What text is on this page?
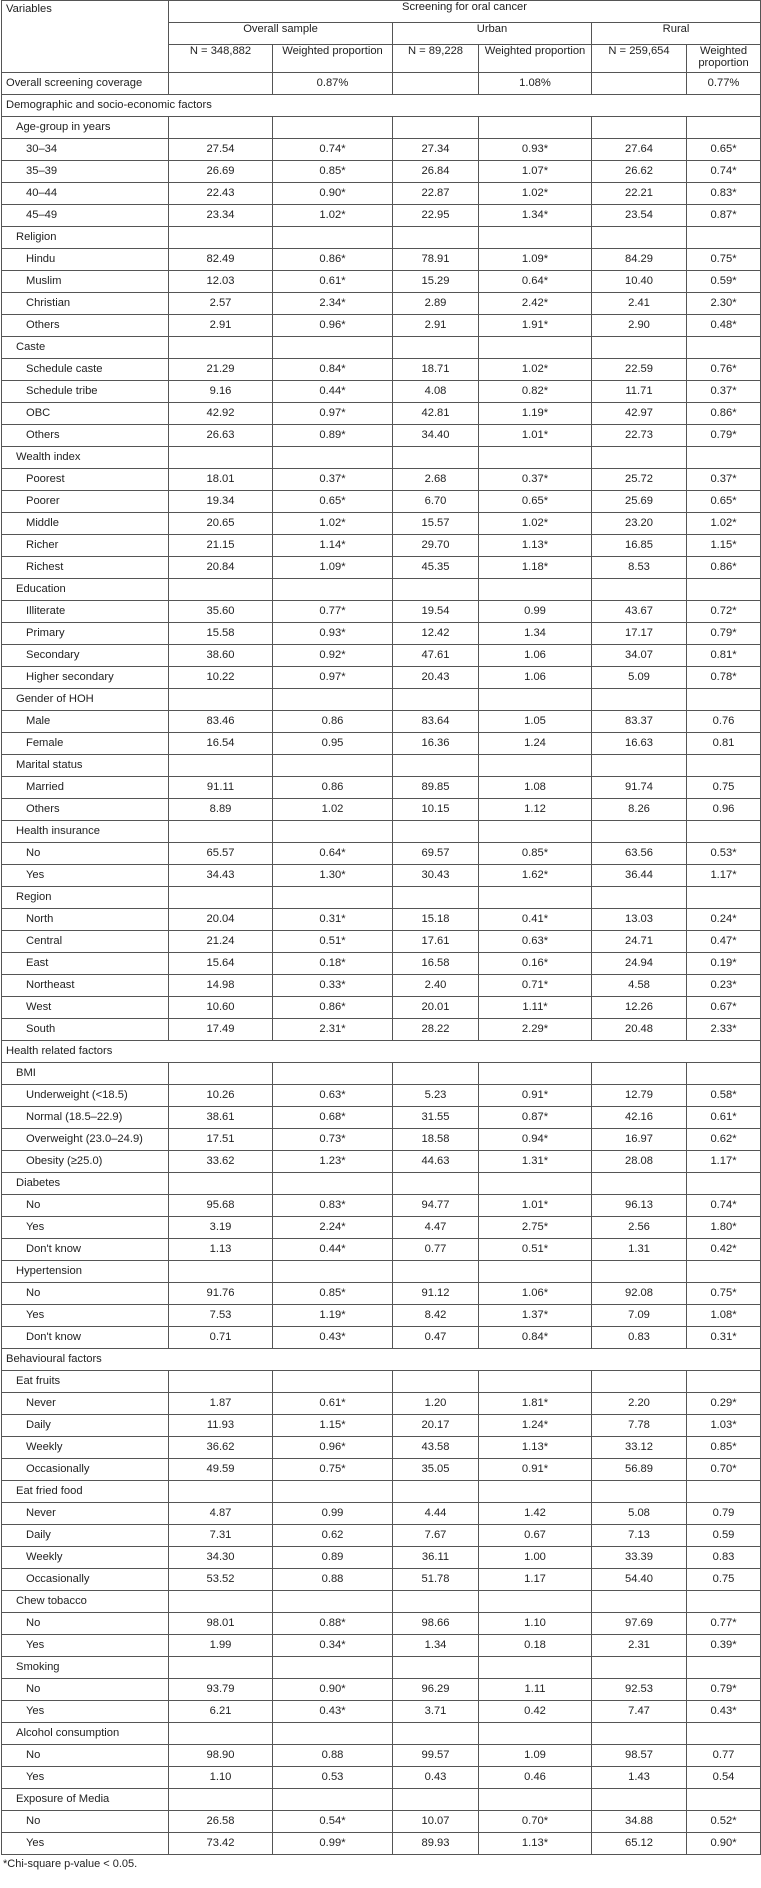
Variables	Screening for oral cancer					
	Overall sample		Urban		Rural	
	N = 348,882	Weighted proportion	N = 89,228	Weighted proportion	N = 259,654	Weighted proportion
Overall screening coverage		0.87%		1.08%		0.77%
Demographic and socio-economic factors						
Age-group in years						
30–34	27.54	0.74*	27.34	0.93*	27.64	0.65*
35–39	26.69	0.85*	26.84	1.07*	26.62	0.74*
40–44	22.43	0.90*	22.87	1.02*	22.21	0.83*
45–49	23.34	1.02*	22.95	1.34*	23.54	0.87*
Religion						
Hindu	82.49	0.86*	78.91	1.09*	84.29	0.75*
Muslim	12.03	0.61*	15.29	0.64*	10.40	0.59*
Christian	2.57	2.34*	2.89	2.42*	2.41	2.30*
Others	2.91	0.96*	2.91	1.91*	2.90	0.48*
Caste						
Schedule caste	21.29	0.84*	18.71	1.02*	22.59	0.76*
Schedule tribe	9.16	0.44*	4.08	0.82*	11.71	0.37*
OBC	42.92	0.97*	42.81	1.19*	42.97	0.86*
Others	26.63	0.89*	34.40	1.01*	22.73	0.79*
Wealth index						
Poorest	18.01	0.37*	2.68	0.37*	25.72	0.37*
Poorer	19.34	0.65*	6.70	0.65*	25.69	0.65*
Middle	20.65	1.02*	15.57	1.02*	23.20	1.02*
Richer	21.15	1.14*	29.70	1.13*	16.85	1.15*
Richest	20.84	1.09*	45.35	1.18*	8.53	0.86*
Education						
Illiterate	35.60	0.77*	19.54	0.99	43.67	0.72*
Primary	15.58	0.93*	12.42	1.34	17.17	0.79*
Secondary	38.60	0.92*	47.61	1.06	34.07	0.81*
Higher secondary	10.22	0.97*	20.43	1.06	5.09	0.78*
Gender of HOH						
Male	83.46	0.86	83.64	1.05	83.37	0.76
Female	16.54	0.95	16.36	1.24	16.63	0.81
Marital status						
Married	91.11	0.86	89.85	1.08	91.74	0.75
Others	8.89	1.02	10.15	1.12	8.26	0.96
Health insurance						
No	65.57	0.64*	69.57	0.85*	63.56	0.53*
Yes	34.43	1.30*	30.43	1.62*	36.44	1.17*
Region						
North	20.04	0.31*	15.18	0.41*	13.03	0.24*
Central	21.24	0.51*	17.61	0.63*	24.71	0.47*
East	15.64	0.18*	16.58	0.16*	24.94	0.19*
Northeast	14.98	0.33*	2.40	0.71*	4.58	0.23*
West	10.60	0.86*	20.01	1.11*	12.26	0.67*
South	17.49	2.31*	28.22	2.29*	20.48	2.33*
Health related factors						
BMI						
Underweight (<18.5)	10.26	0.63*	5.23	0.91*	12.79	0.58*
Normal (18.5–22.9)	38.61	0.68*	31.55	0.87*	42.16	0.61*
Overweight (23.0–24.9)	17.51	0.73*	18.58	0.94*	16.97	0.62*
Obesity (≥25.0)	33.62	1.23*	44.63	1.31*	28.08	1.17*
Diabetes						
No	95.68	0.83*	94.77	1.01*	96.13	0.74*
Yes	3.19	2.24*	4.47	2.75*	2.56	1.80*
Don't know	1.13	0.44*	0.77	0.51*	1.31	0.42*
Hypertension						
No	91.76	0.85*	91.12	1.06*	92.08	0.75*
Yes	7.53	1.19*	8.42	1.37*	7.09	1.08*
Don't know	0.71	0.43*	0.47	0.84*	0.83	0.31*
Behavioural factors						
Eat fruits						
Never	1.87	0.61*	1.20	1.81*	2.20	0.29*
Daily	11.93	1.15*	20.17	1.24*	7.78	1.03*
Weekly	36.62	0.96*	43.58	1.13*	33.12	0.85*
Occasionally	49.59	0.75*	35.05	0.91*	56.89	0.70*
Eat fried food						
Never	4.87	0.99	4.44	1.42	5.08	0.79
Daily	7.31	0.62	7.67	0.67	7.13	0.59
Weekly	34.30	0.89	36.11	1.00	33.39	0.83
Occasionally	53.52	0.88	51.78	1.17	54.40	0.75
Chew tobacco						
No	98.01	0.88*	98.66	1.10	97.69	0.77*
Yes	1.99	0.34*	1.34	0.18	2.31	0.39*
Smoking						
No	93.79	0.90*	96.29	1.11	92.53	0.79*
Yes	6.21	0.43*	3.71	0.42	7.47	0.43*
Alcohol consumption						
No	98.90	0.88	99.57	1.09	98.57	0.77
Yes	1.10	0.53	0.43	0.46	1.43	0.54
Exposure of Media						
No	26.58	0.54*	10.07	0.70*	34.88	0.52*
Yes	73.42	0.99*	89.93	1.13*	65.12	0.90*
*Chi-square p-value < 0.05.
